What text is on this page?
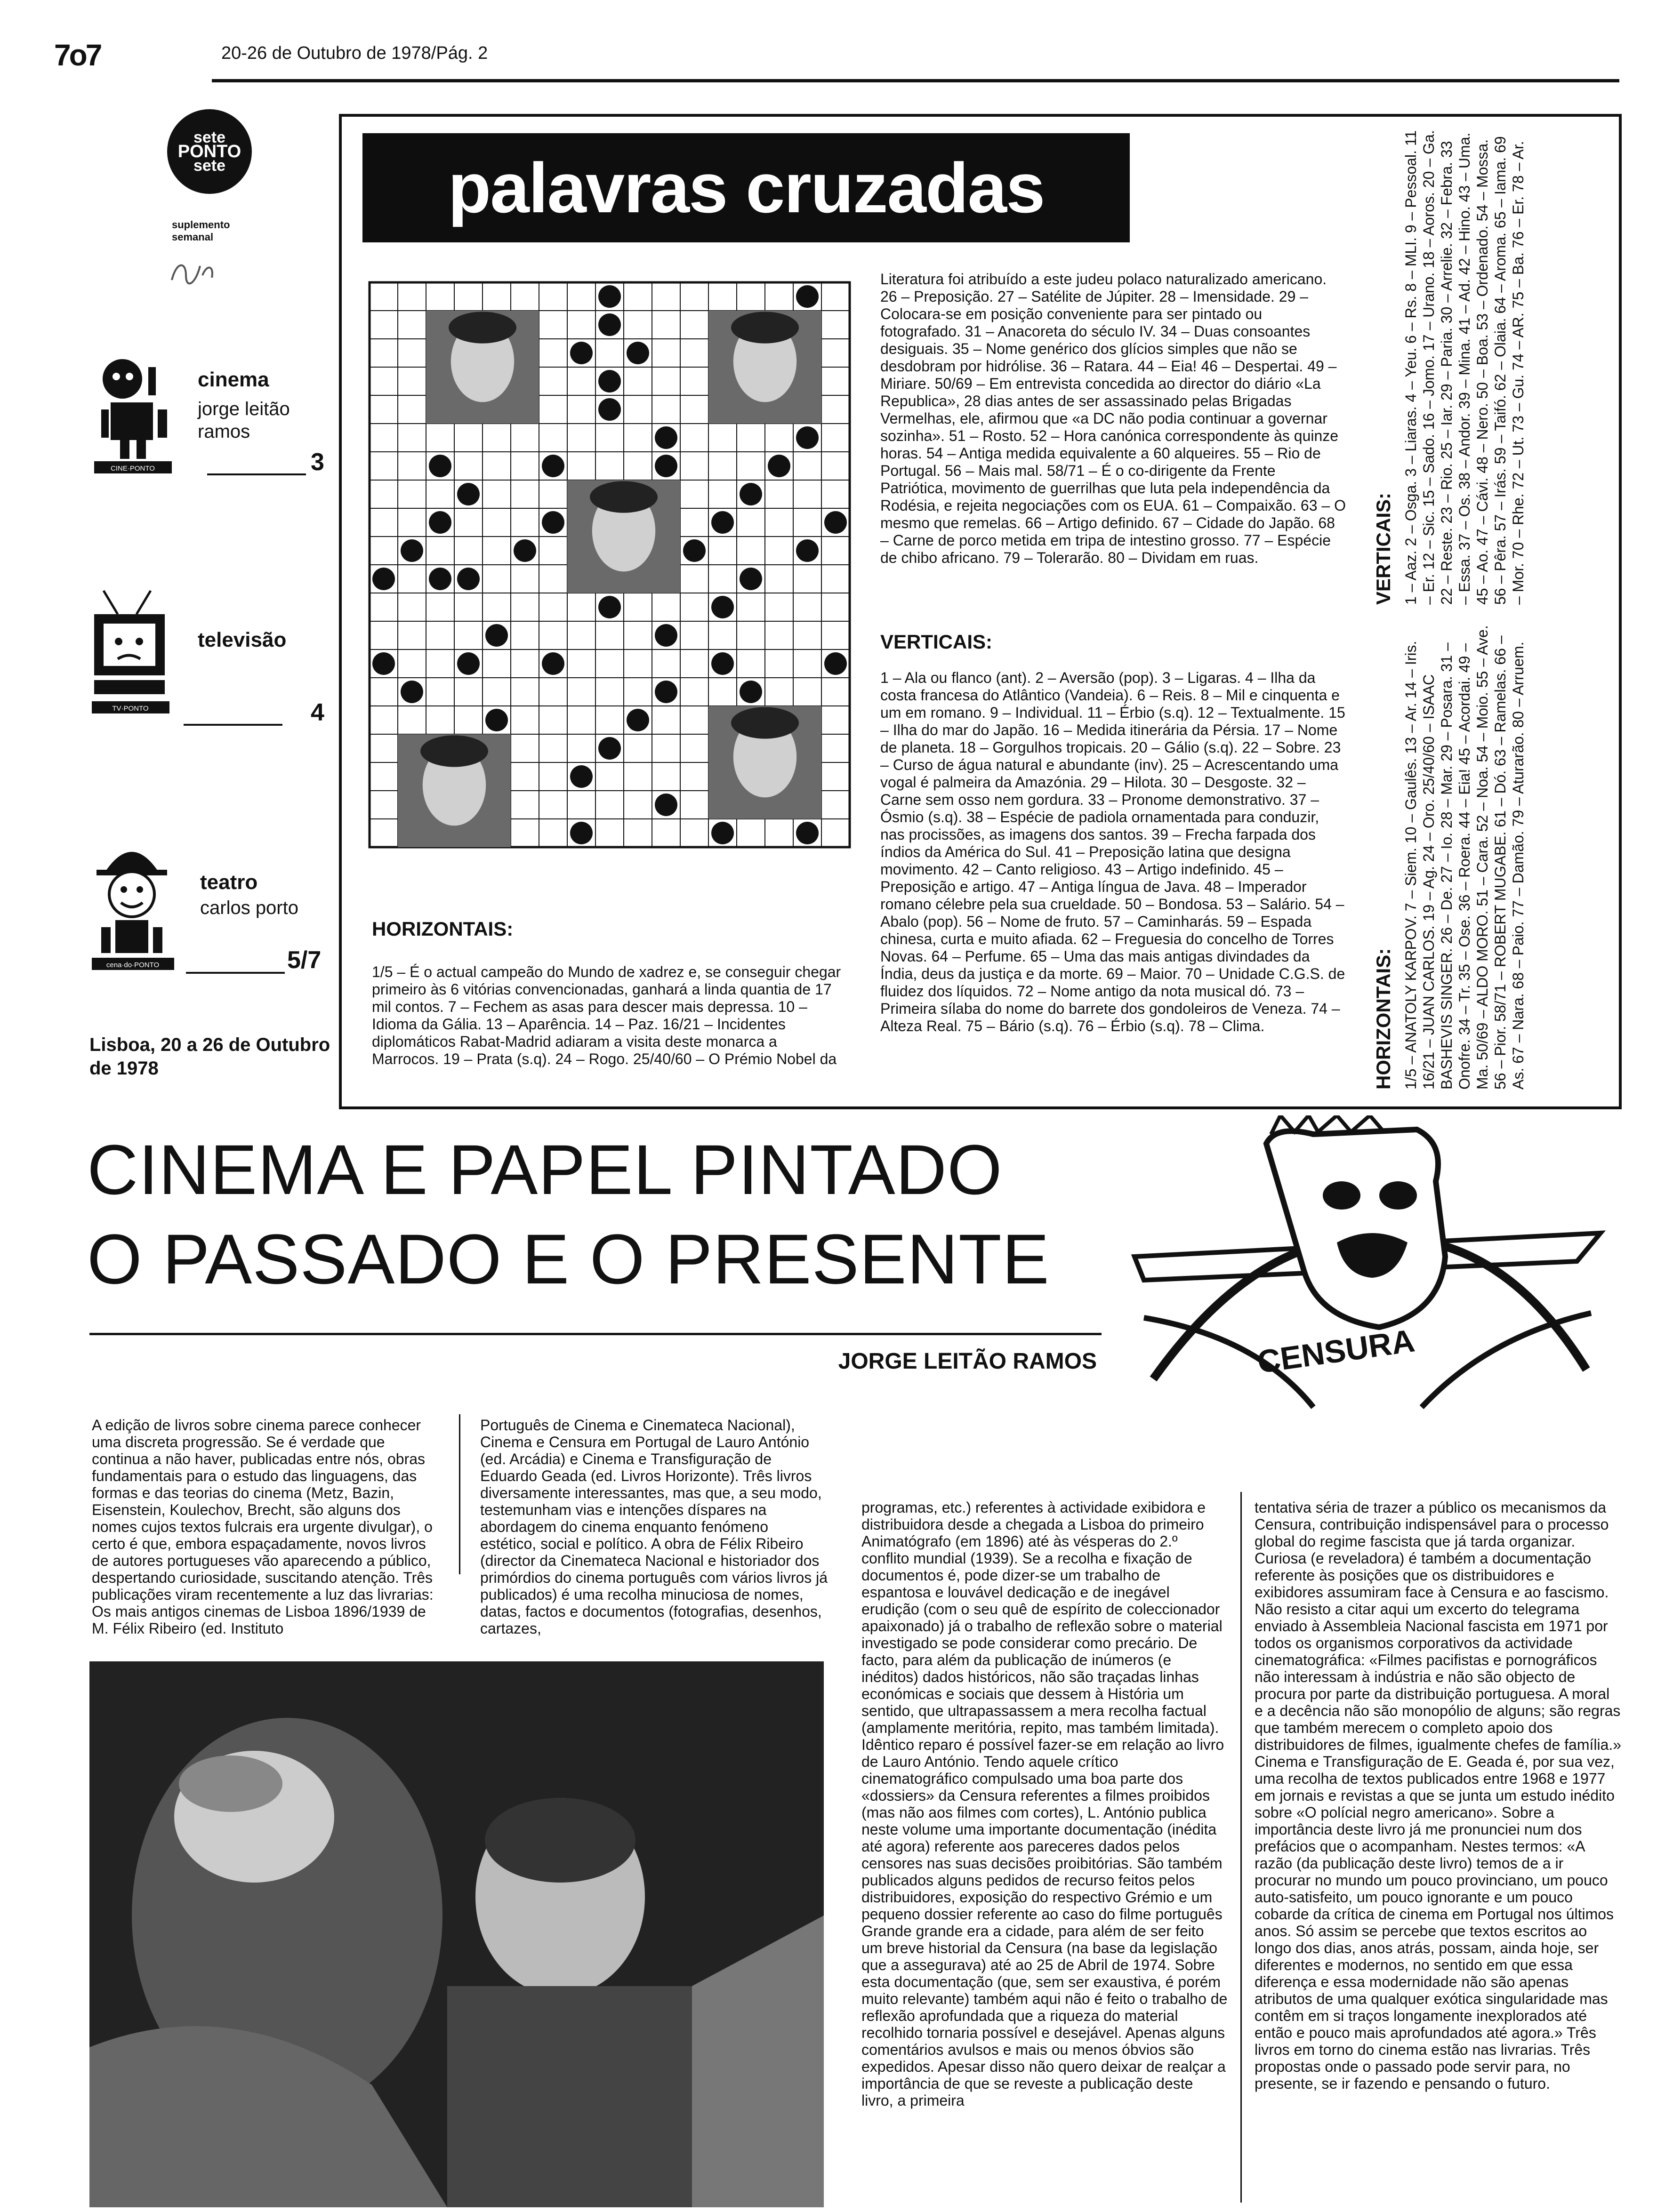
7o7	20-26 de Outubro de 1978/Pág. 2
sete
PONTO
sete
suplemento semanal
CINE·PONTO
cinema
jorge leitão ramos
3
TV·PONTO
televisão
4
cena·do·PONTO
teatro
carlos porto
5/7
Lisboa, 20 a 26 de Outubro de 1978
palavras cruzadas
HORIZONTAIS:
1/5 – É o actual campeão do Mundo de xadrez e, se conseguir chegar primeiro às 6 vitórias convencionadas, ganhará a linda quantia de 17 mil contos. 7 – Fechem as asas para descer mais depressa. 10 – Idioma da Gália. 13 – Aparência. 14 – Paz. 16/21 – Incidentes diplomáticos Rabat-Madrid adiaram a visita deste monarca a Marrocos. 19 – Prata (s.q). 24 – Rogo. 25/40/60 – O Prémio Nobel da
Literatura foi atribuído a este judeu polaco naturalizado americano. 26 – Preposição. 27 – Satélite de Júpiter. 28 – Imensidade. 29 – Colocara-se em posição conveniente para ser pintado ou fotografado. 31 – Anacoreta do século IV. 34 – Duas consoantes desiguais. 35 – Nome genérico dos glícios simples que não se desdobram por hidrólise. 36 – Ratara. 44 – Eia! 46 – Despertai. 49 – Miriare. 50/69 – Em entrevista concedida ao director do diário «La Republica», 28 dias antes de ser assassinado pelas Brigadas Vermelhas, ele, afirmou que «a DC não podia continuar a governar sozinha». 51 – Rosto. 52 – Hora canónica correspondente às quinze horas. 54 – Antiga medida equivalente a 60 alqueires. 55 – Rio de Portugal. 56 – Mais mal. 58/71 – É o co-dirigente da Frente Patriótica, movimento de guerrilhas que luta pela independência da Rodésia, e rejeita negociações com os EUA. 61 – Compaixão. 63 – O mesmo que remelas. 66 – Artigo definido. 67 – Cidade do Japão. 68 – Carne de porco metida em tripa de intestino grosso. 77 – Espécie de chibo africano. 79 – Tolerarão. 80 – Dividam em ruas.
VERTICAIS:
1 – Ala ou flanco (ant). 2 – Aversão (pop). 3 – Ligaras. 4 – Ilha da costa francesa do Atlântico (Vandeia). 6 – Reis. 8 – Mil e cinquenta e um em romano. 9 – Individual. 11 – Érbio (s.q). 12 – Textualmente. 15 – Ilha do mar do Japão. 16 – Medida itinerária da Pérsia. 17 – Nome de planeta. 18 – Gorgulhos tropicais. 20 – Gálio (s.q). 22 – Sobre. 23 – Curso de água natural e abundante (inv). 25 – Acrescentando uma vogal é palmeira da Amazónia. 29 – Hilota. 30 – Desgoste. 32 – Carne sem osso nem gordura. 33 – Pronome demonstrativo. 37 – Ósmio (s.q). 38 – Espécie de padiola ornamentada para conduzir, nas procissões, as imagens dos santos. 39 – Frecha farpada dos índios da América do Sul. 41 – Preposição latina que designa movimento. 42 – Canto religioso. 43 – Artigo indefinido. 45 – Preposição e artigo. 47 – Antiga língua de Java. 48 – Imperador romano célebre pela sua crueldade. 50 – Bondosa. 53 – Salário. 54 – Abalo (pop). 56 – Nome de fruto. 57 – Caminharás. 59 – Espada chinesa, curta e muito afiada. 62 – Freguesia do concelho de Torres Novas. 64 – Perfume. 65 – Uma das mais antigas divindades da Índia, deus da justiça e da morte. 69 – Maior. 70 – Unidade C.G.S. de fluidez dos líquidos. 72 – Nome antigo da nota musical dó. 73 – Primeira sílaba do nome do barrete dos gondoleiros de Veneza. 74 – Alteza Real. 75 – Bário (s.q). 76 – Érbio (s.q). 78 – Clima.	HORIZONTAIS: 1/5 – ANATOLY KARPOV. 7 – Siem. 10 – Gaulês. 13 – Ar. 14 – Iris. 16/21 – JUAN CARLOS. 19 – Ag. 24 – Oro. 25/40/60 – ISAAC BASHEVIS SINGER. 26 – De. 27 – Io. 28 – Mar. 29 – Posara. 31 – Onofre. 34 – Tr. 35 – Ose. 36 – Roera. 44 – Eia! 45 – Acordai. 49 – Ma. 50/69 – ALDO MORO. 51 – Cara. 52 – Noa. 54 – Moio. 55 – Ave. 56 – Pior. 58/71 – ROBERT MUGABE. 61 – Dó. 63 – Ramelas. 66 – As. 67 – Nara. 68 – Paio. 77 – Damão. 79 – Aturarão. 80 – Arruem.
VERTICAIS: 1 – Aaz. 2 – Osga. 3 – Liaras. 4 – Yeu. 6 – Rs. 8 – MLI. 9 – Pessoal. 11 – Er. 12 – Sic. 15 – Sado. 16 – Jomo. 17 – Urano. 18 – Aoros. 20 – Ga. 22 – Reste. 23 – Rio. 25 – Iar. 29 – Paria. 30 – Arrelie. 32 – Febra. 33 – Essa. 37 – Os. 38 – Andor. 39 – Mina. 41 – Ad. 42 – Hino. 43 – Uma. 45 – Ao. 47 – Cávi. 48 – Nero. 50 – Boa. 53 – Ordenado. 54 – Mossa. 56 – Pêra. 57 – Irás. 59 – Taifó. 62 – Olaia. 64 – Aroma. 65 – Iama. 69 – Mor. 70 – Rhe. 72 – Ut. 73 – Gu. 74 – AR. 75 – Ba. 76 – Er. 78 – Ar.
CINEMA E PAPEL PINTADO
O PASSADO E O PRESENTE
CENSURA
JORGE LEITÃO RAMOS
A edição de livros sobre cinema parece conhecer uma discreta progressão. Se é verdade que continua a não haver, publicadas entre nós, obras fundamentais para o estudo das linguagens, das formas e das teorias do cinema (Metz, Bazin, Eisenstein, Koulechov, Brecht, são alguns dos nomes cujos textos fulcrais era urgente divulgar), o certo é que, embora espaçadamente, novos livros de autores portugueses vão aparecendo a público, despertando curiosidade, suscitando atenção. Três publicações viram recentemente a luz das livrarias: Os mais antigos cinemas de Lisboa 1896/1939 de M. Félix Ribeiro (ed. Instituto
Português de Cinema e Cinemateca Nacional), Cinema e Censura em Portugal de Lauro António (ed. Arcádia) e Cinema e Transfiguração de Eduardo Geada (ed. Livros Horizonte). Três livros diversamente interessantes, mas que, a seu modo, testemunham vias e intenções díspares na abordagem do cinema enquanto fenómeno estético, social e político. A obra de Félix Ribeiro (director da Cinemateca Nacional e historiador dos primórdios do cinema português com vários livros já publicados) é uma recolha minuciosa de nomes, datas, factos e documentos (fotografias, desenhos, cartazes,
programas, etc.) referentes à actividade exibidora e distribuidora desde a chegada a Lisboa do primeiro Animatógrafo (em 1896) até às vésperas do 2.º conflito mundial (1939). Se a recolha e fixação de documentos é, pode dizer-se um trabalho de espantosa e louvável dedicação e de inegável erudição (com o seu quê de espírito de coleccionador apaixonado) já o trabalho de reflexão sobre o material investigado se pode considerar como precário. De facto, para além da publicação de inúmeros (e inéditos) dados históricos, não são traçadas linhas económicas e sociais que dessem à História um sentido, que ultrapassassem a mera recolha factual (amplamente meritória, repito, mas também limitada). Idêntico reparo é possível fazer-se em relação ao livro de Lauro António. Tendo aquele crítico cinematográfico compulsado uma boa parte dos «dossiers» da Censura referentes a filmes proibidos (mas não aos filmes com cortes), L. António publica neste volume uma importante documentação (inédita até agora) referente aos pareceres dados pelos censores nas suas decisões proibitórias. São também publicados alguns pedidos de recurso feitos pelos distribuidores, exposição do respectivo Grémio e um pequeno dossier referente ao caso do filme português Grande grande era a cidade, para além de ser feito um breve historial da Censura (na base da legislação que a assegurava) até ao 25 de Abril de 1974. Sobre esta documentação (que, sem ser exaustiva, é porém muito relevante) também aqui não é feito o trabalho de reflexão aprofundada que a riqueza do material recolhido tornaria possível e desejável. Apenas alguns comentários avulsos e mais ou menos óbvios são expedidos. Apesar disso não quero deixar de realçar a importância de que se reveste a publicação deste livro, a primeira
tentativa séria de trazer a público os mecanismos da Censura, contribuição indispensável para o processo global do regime fascista que já tarda organizar. Curiosa (e reveladora) é também a documentação referente às posições que os distribuidores e exibidores assumiram face à Censura e ao fascismo. Não resisto a citar aqui um excerto do telegrama enviado à Assembleia Nacional fascista em 1971 por todos os organismos corporativos da actividade cinematográfica: «Filmes pacifistas e pornográficos não interessam à indústria e não são objecto de procura por parte da distribuição portuguesa. A moral e a decência não são monopólio de alguns; são regras que também merecem o completo apoio dos distribuidores de filmes, igualmente chefes de família.» Cinema e Transfiguração de E. Geada é, por sua vez, uma recolha de textos publicados entre 1968 e 1977 em jornais e revistas a que se junta um estudo inédito sobre «O polícial negro americano». Sobre a importância deste livro já me pronunciei num dos prefácios que o acompanham. Nestes termos: «A razão (da publicação deste livro) temos de a ir procurar no mundo um pouco provinciano, um pouco auto-satisfeito, um pouco ignorante e um pouco cobarde da crítica de cinema em Portugal nos últimos anos. Só assim se percebe que textos escritos ao longo dos dias, anos atrás, possam, ainda hoje, ser diferentes e modernos, no sentido em que essa diferença e essa modernidade não são apenas atributos de uma qualquer exótica singularidade mas contêm em si traços longamente inexplorados até então e pouco mais aprofundados até agora.» Três livros em torno do cinema estão nas livrarias. Três propostas onde o passado pode servir para, no presente, se ir fazendo e pensando o futuro.
